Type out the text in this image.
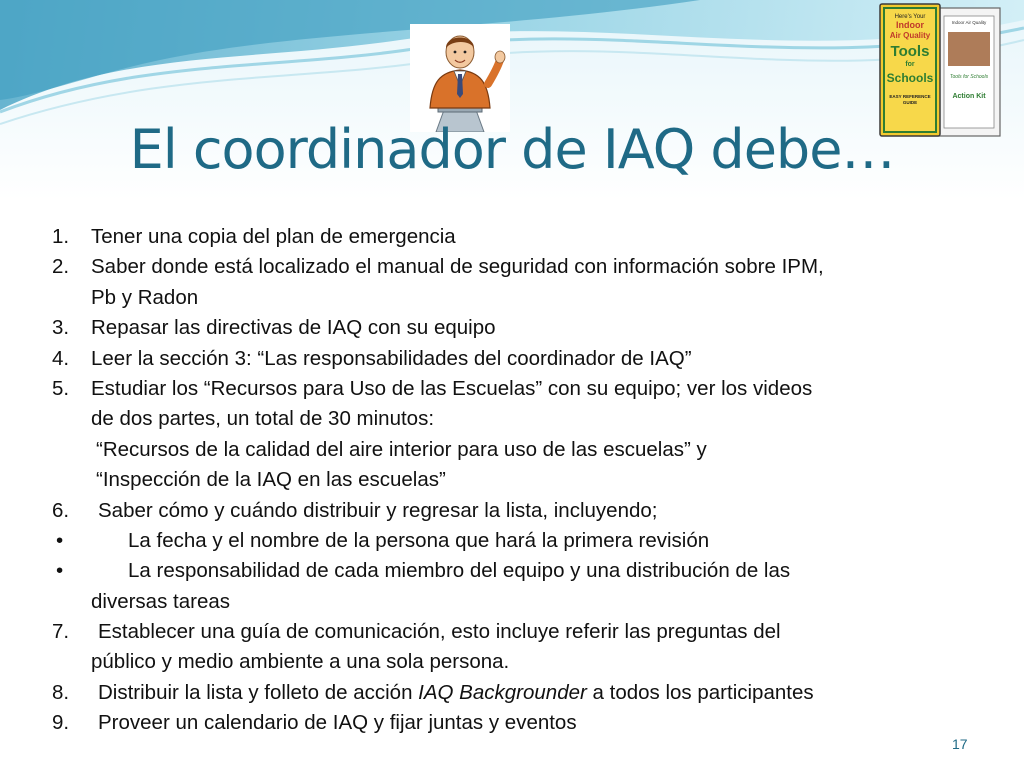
Here's Your
Indoor
Air Quality
Tools
for
Schools
EASY REFERENCE
GUIDE
Indoor Air Quality
Tools for Schools
Action Kit
El coordinador de IAQ debe…
1. Tener una copia del plan de emergencia
2. Saber donde está localizado el manual de seguridad con información sobre IPM,
Pb y Radon
3. Repasar las directivas de IAQ con su equipo
4. Leer la sección 3: “Las responsabilidades del coordinador de IAQ”
5. Estudiar los “Recursos para Uso de las Escuelas” con su equipo; ver los videos
de dos partes, un total de 30 minutos:
“Recursos de la calidad del aire interior para uso de las escuelas” y
“Inspección de la IAQ en las escuelas”
6. Saber cómo y cuándo distribuir y regresar la lista, incluyendo;
•	La fecha y el nombre de la persona que hará la primera revisión
•	La responsabilidad de cada miembro del equipo y una distribución de las
diversas tareas
7. Establecer una guía de comunicación, esto incluye referir las preguntas del
público y medio ambiente a una sola persona.
8. Distribuir la lista y folleto de acción IAQ Backgrounder a todos los participantes
9. Proveer un calendario de IAQ y fijar juntas y eventos
17
